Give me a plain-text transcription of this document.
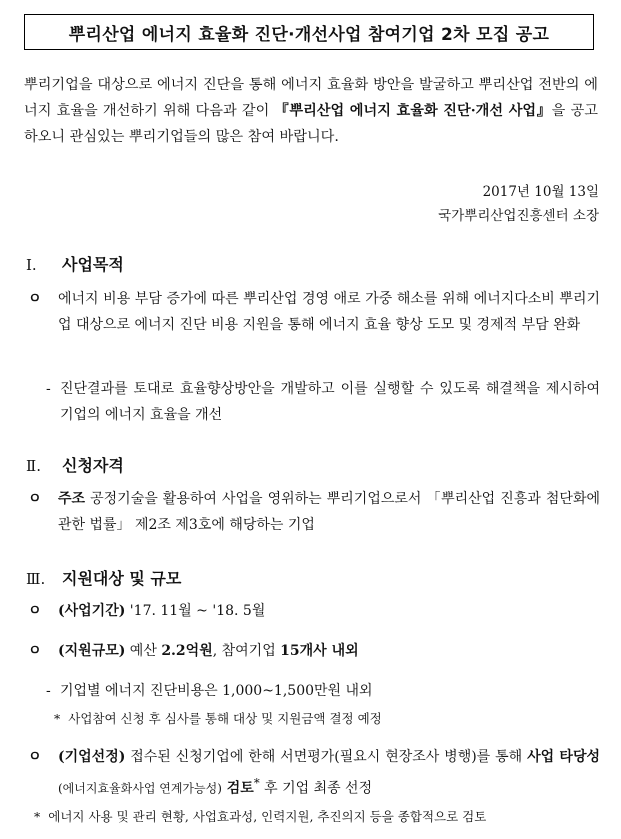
뿌리산업 에너지 효율화 진단·개선사업 참여기업 2차 모집 공고
뿌리기업을 대상으로 에너지 진단을 통해 에너지 효율화 방안을 발굴하고 뿌리산업 전반의 에너지 효율을 개선하기 위해 다음과 같이 『뿌리산업 에너지 효율화 진단·개선 사업』을 공고하오니 관심있는 뿌리기업들의 많은 참여 바랍니다.
2017년 10월 13일
국가뿌리산업진흥센터 소장
Ⅰ.	사업목적
ㅇ	에너지 비용 부담 증가에 따른 뿌리산업 경영 애로 가중 해소를 위해 에너지다소비 뿌리기업 대상으로 에너지 진단 비용 지원을 통해 에너지 효율 향상 도모 및 경제적 부담 완화
- 진단결과를 토대로 효율향상방안을 개발하고 이를 실행할 수 있도록 해결책을 제시하여 기업의 에너지 효율을 개선
Ⅱ.	신청자격
ㅇ	주조 공정기술을 활용하여 사업을 영위하는 뿌리기업으로서 「뿌리산업 진흥과 첨단화에 관한 법률」 제2조 제3호에 해당하는 기업
Ⅲ.	지원대상 및 규모
ㅇ	(사업기간) '17. 11월 ~ '18. 5월
ㅇ	(지원규모) 예산 2.2억원, 참여기업 15개사 내외
- 기업별 에너지 진단비용은 1,000~1,500만원 내외
* 사업참여 신청 후 심사를 통해 대상 및 지원금액 결정 예정
ㅇ	(기업선정) 접수된 신청기업에 한해 서면평가(필요시 현장조사 병행)를 통해 사업 타당성(에너지효율화사업 연계가능성) 검토* 후 기업 최종 선정
* 에너지 사용 및 관리 현황, 사업효과성, 인력지원, 추진의지 등을 종합적으로 검토
